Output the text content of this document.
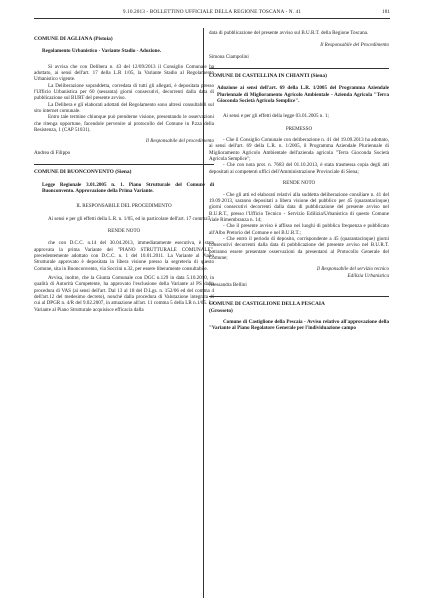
9.10.2013 - BOLLETTINO UFFICIALE DELLA REGIONE TOSCANA - N. 41	181
COMUNE DI AGLIANA (Pistoia)

Regolamento Urbanistico - Variante Stadio - Adozione.

Si avvisa che con Delibera n. 43 del 12/09/2013 il Consiglio Comunale ha adottato, ai sensi dell'art. 17 della L.R 1/05, la Variante Stadio al Regolamento Urbanistico vigente.

La Deliberazione sopraddetta, corredata di tutti gli allegati, è depositata presso l'Ufficio Urbanistica per 60 (sessanta) giorni consecutivi, decorrenti dalla data di pubblicazione sul BURT del presente avviso.

La Delibera e gli elaborati adottati del Regolamento sono altresì consultabili sul sito internet comunale.

Entro tale termine chiunque può prenderne visione, presentando le osservazioni che ritenga opportune, facendole pervenire al protocollo del Comune in P.zza della Resistenza, 1 (CAP 51031).

Il Responsabile del procedimento

Andrea di Filippo

COMUNE DI BUONCONVENTO (Siena)

Legge Regionale 3.01.2005 n. 1. Piano Strutturale del Comune di Buonconvento. Approvazione della Prima Variante.

IL RESPONSABILE DEL PROCEDIMENTO

Ai sensi e per gli effetti della L.R. n. 1/05, ed in particolare dell'art. 17 comma7,

RENDE NOTO

che con D.C.C. n.14 del 30.04.2013, immediatamente esecutiva, è stata approvata la prima Variante del "PIANO STRUTTURALE COMUNALE", precedentemente adottato con D.C.C. n. 1 del 10.01.2011. La Variante al Piano Strutturale approvato è depositata in libera visione presso la segreteria di questo Comune, sita in Buonconvento, via Soccini n.32, per essere liberamente consultabile.

Avvisa, inoltre, che la Giunta Comunale con DGC n.129 in data 5.10.2010, in qualità di Autorità Competente, ha approvato l'esclusione della Variante al PS dalla procedura di VAS (ai sensi dell'art. Dal 13 al 18 del D.Lgs. n. 152/06 ed del comma 4 dell'art.12 del medesimo decreto), nonché dalla procedura di Valutazione integrata di cui al DPGR n. 4/R del 9.02.2007, in attuazione all'art. 11 comma 5 della LR n.1/05. La Variante al Piano Strutturale acquisisce efficacia dalla

data di pubblicazione del presente avviso sul B.U.R.T. della Regione Toscana.

Il Responsabile del Procedimento

Simona Ciampolini

COMUNE DI CASTELLINA IN CHIANTI (Siena)

Adozione ai sensi dell'art. 69 della L.R. 1/2005 del Programma Aziendale Pluriennale di Miglioramento Agricolo Ambientale - Azienda Agricola "Terra Gioconda Società Agricola Semplice".

Ai sensi e per gli effetti della legge 03.01.2005 n. 1;

PREMESSO

- Che il Consiglio Comunale con deliberazione n. 41 del 19.09.2013 ha adottato, ai sensi dell'art. 69 della L.R. n. 1/2005, il Programma Aziendale Pluriennale di Miglioramento Agricolo Ambientale dell'azienda agricola "Terra Gioconda Società Agricola Semplice";

- Che con nota prot. n. 7683 del 01.10.2013, è stata trasmessa copia degli atti depositati ai competenti uffici dell'Amministrazione Provinciale di Siena;

RENDE NOTO

- Che gli atti ed elaborati relativi alla suddetta deliberazione consiliare n. 41 del 19.09.2013, saranno depositati a libera visione del pubblico per 45 (quarantacinque) giorni consecutivi decorrenti dalla data di pubblicazione del presente avviso nel B.U.R.T., presso l'Ufficio Tecnico - Servizio Edilizia/Urbanistica di questo Comune viale Rimembranza n. 14;

- Che il presente avviso è affisso nei luoghi di pubblica frequenza e pubblicato all'Albo Pretorio del Comune e nel B.U.R.T.;

- Che entro il periodo di deposito, corrispondente a 45 (quarantacinque) giorni consecutivi decorrenti dalla data di pubblicazione del presente avviso nel B.U.R.T. potranno essere presentate osservazioni da presentarsi al Protocollo Generale del Comune;

Il Responsabile del servizio tecnico

Edilizia Urbanistica

Alessandra Bellini

COMUNE DI CASTIGLIONE DELLA PESCAIA
(Grosseto)

Comune di Castiglione della Pescaia - Avviso relativo all'approvazione della "Variante al Piano Regolatore Generale per l'individuazione campo
